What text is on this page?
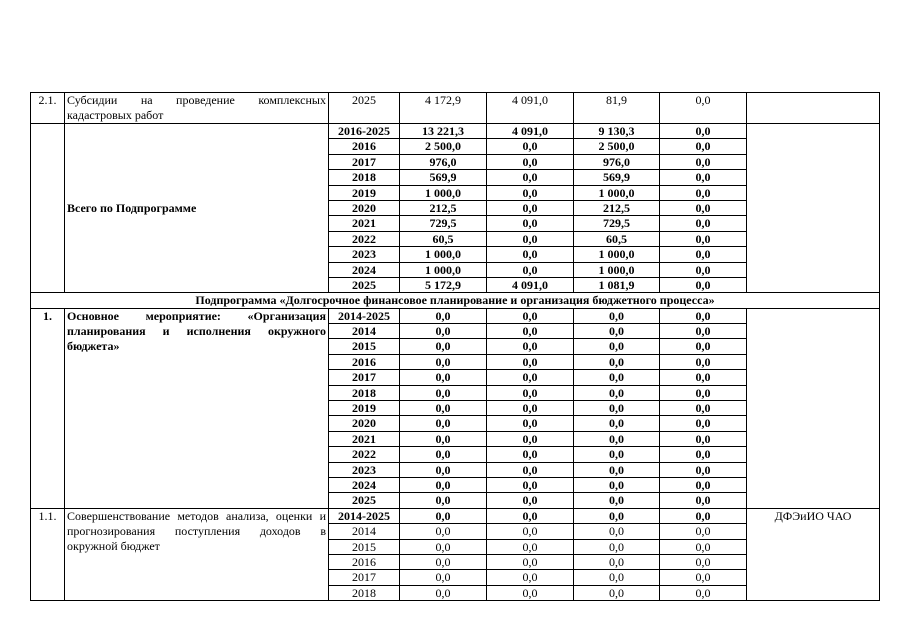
2.1.	Субсидии на проведение комплексных кадастровых работ	2025	4 172,9	4 091,0	81,9	0,0	
	Всего по Подпрограмме	2016-2025	13 221,3	4 091,0	9 130,3	0,0	
		2016	2 500,0	0,0	2 500,0	0,0	
		2017	976,0	0,0	976,0	0,0	
		2018	569,9	0,0	569,9	0,0	
		2019	1 000,0	0,0	1 000,0	0,0	
		2020	212,5	0,0	212,5	0,0	
		2021	729,5	0,0	729,5	0,0	
		2022	60,5	0,0	60,5	0,0	
		2023	1 000,0	0,0	1 000,0	0,0	
		2024	1 000,0	0,0	1 000,0	0,0	
		2025	5 172,9	4 091,0	1 081,9	0,0	
Подпрограмма «Долгосрочное финансовое планирование и организация бюджетного процесса»							
1.	Основное мероприятие: «Организация планирования и исполнения окружного бюджета»	2014-2025	0,0	0,0	0,0	0,0	
		2014	0,0	0,0	0,0	0,0	
		2015	0,0	0,0	0,0	0,0	
		2016	0,0	0,0	0,0	0,0	
		2017	0,0	0,0	0,0	0,0	
		2018	0,0	0,0	0,0	0,0	
		2019	0,0	0,0	0,0	0,0	
		2020	0,0	0,0	0,0	0,0	
		2021	0,0	0,0	0,0	0,0	
		2022	0,0	0,0	0,0	0,0	
		2023	0,0	0,0	0,0	0,0	
		2024	0,0	0,0	0,0	0,0	
		2025	0,0	0,0	0,0	0,0	
1.1.	Совершенствование методов анализа, оценки и прогнозирования поступления доходов в окружной бюджет	2014-2025	0,0	0,0	0,0	0,0	ДФЭиИО ЧАО
		2014	0,0	0,0	0,0	0,0	
		2015	0,0	0,0	0,0	0,0	
		2016	0,0	0,0	0,0	0,0	
		2017	0,0	0,0	0,0	0,0	
		2018	0,0	0,0	0,0	0,0	
